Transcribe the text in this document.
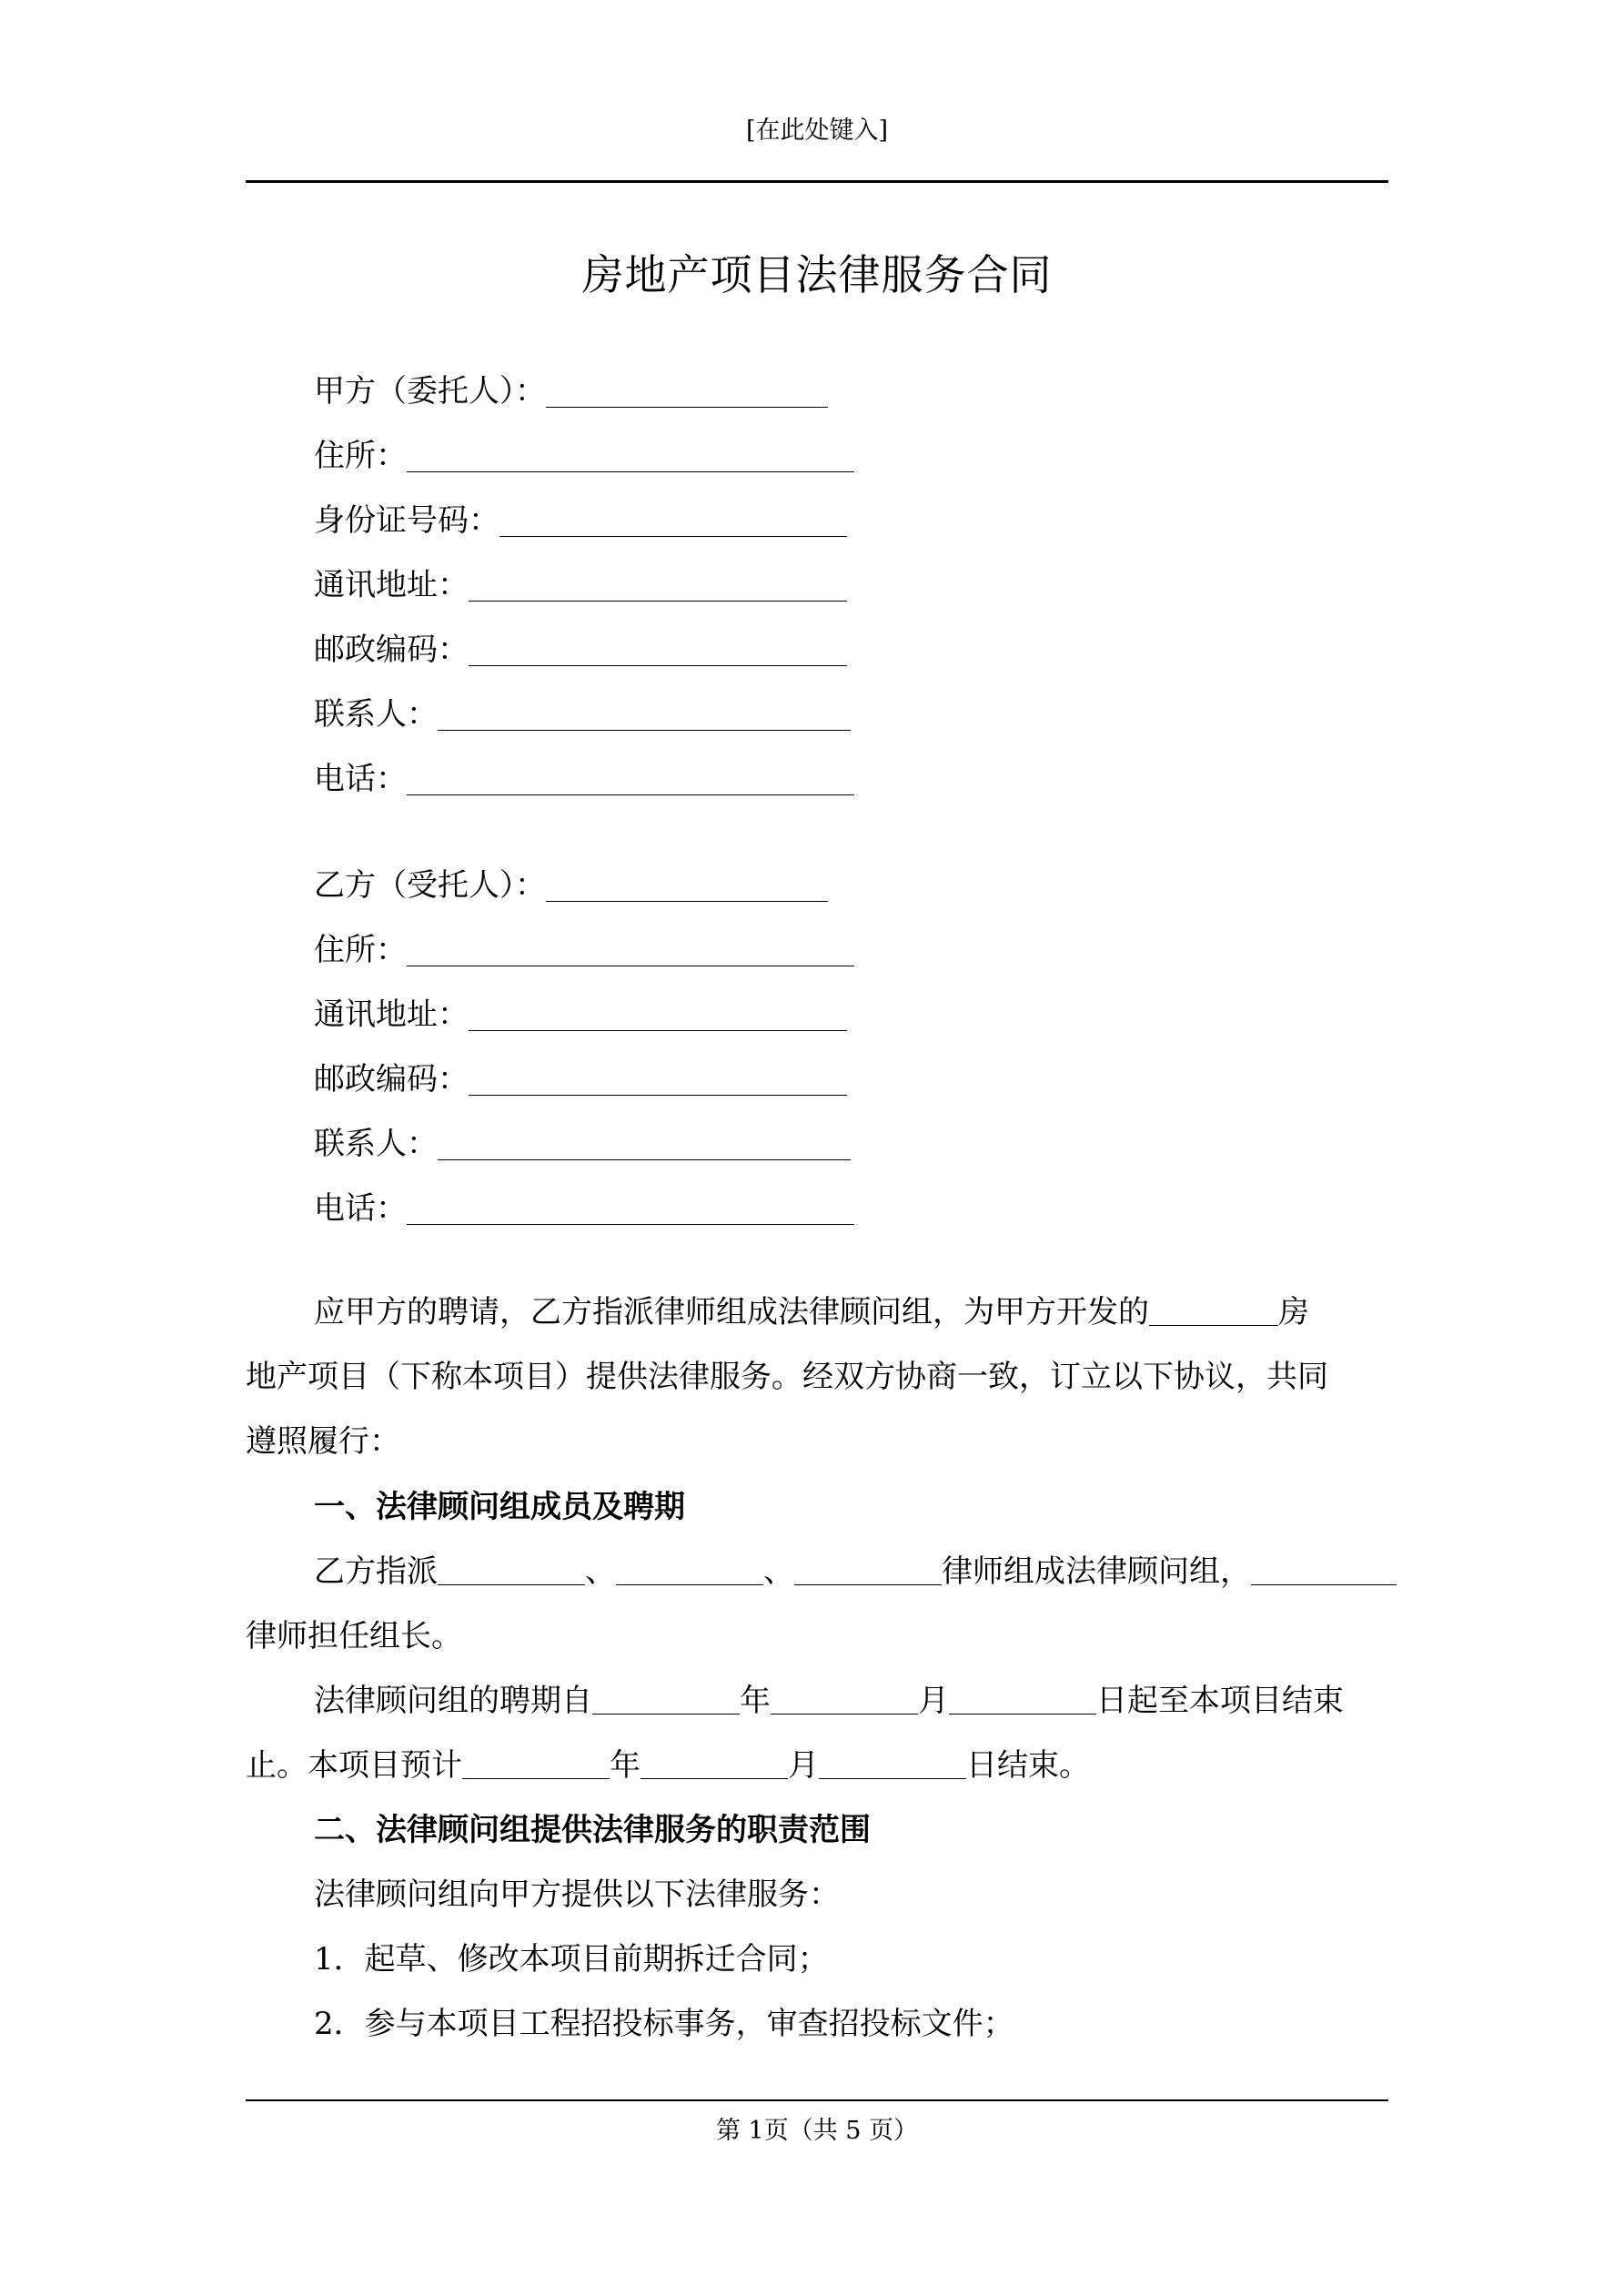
[在此处键入]
房地产项目法律服务合同
甲方（委托人）：
住所：
身份证号码：
通讯地址：
邮政编码：
联系人：
电话：
乙方（受托人）：
住所：
通讯地址：
邮政编码：
联系人：
电话：
应甲方的聘请，乙方指派律师组成法律顾问组，为甲方开发的	房
地产项目（下称本项目）提供法律服务。经双方协商一致，订立以下协议，共同
遵照履行：
一、法律顾问组成员及聘期
乙方指派	、	、	律师组成法律顾问组，
律师担任组长。
法律顾问组的聘期自	年	月	日起至本项目结束
止。本项目预计	年	月	日结束。
二、法律顾问组提供法律服务的职责范围
法律顾问组向甲方提供以下法律服务：
1．起草、修改本项目前期拆迁合同；
2．参与本项目工程招投标事务，审查招投标文件；
第 1页（共 5 页）
